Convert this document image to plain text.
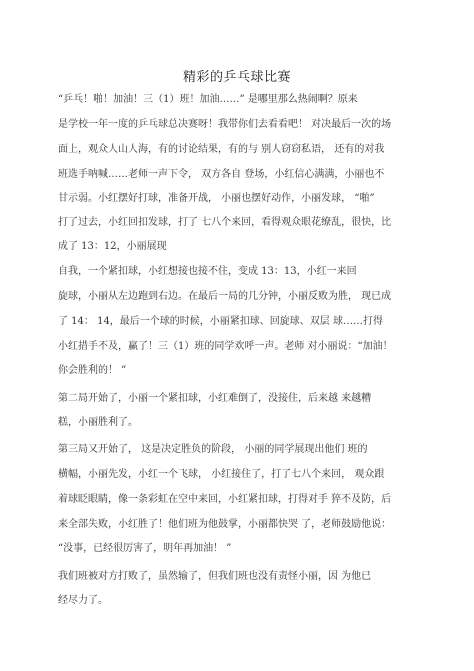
精彩的乒乓球比赛
“乒乓！啪！加油！三（1）班！加油……” 是哪里那么热闹啊？原来
是学校一年一度的乒乓球总决赛呀！我带你们去看看吧！ 对决最后一次的场
面上，观众人山人海，有的讨论结果，有的与 别人窃窃私语， 还有的对我
班选手呐喊……老师一声下令， 双方各自 登场，小红信心满满，小丽也不
甘示弱。小红摆好打球，准备开战， 小丽也摆好动作，小丽发球， “啪”
打了过去，小红回扣发球，打了 七八个来回，看得观众眼花缭乱，很快，比
成了 13：12，小丽展现
自我，一个紧扣球，小红想接也接不住，变成 13：13，小红一来回
旋球，小丽从左边跑到右边。在最后一局的几分钟，小丽反败为胜， 现已成
了 14： 14，最后一个球的时候，小丽紧扣球、回旋球、双层 球……打得
小红措手不及，赢了！三（1）班的同学欢呼一声。老师 对小丽说：“加油！
你会胜利的！ ”
第二局开始了，小丽一个紧扣球，小红难倒了，没接住，后来越 来越糟
糕，小丽胜利了。
第三局又开始了， 这是决定胜负的阶段， 小丽的同学展现出他们 班的
横幅，小丽先发，小红一个飞球， 小红接住了，打了七八个来回， 观众跟
着球眨眼睛，像一条彩虹在空中来回，小红紧扣球，打得对手 猝不及防，后
来全部失败，小红胜了！他们班为他鼓掌，小丽都快哭 了，老师鼓励他说：
“没事，已经很厉害了，明年再加油！ ”
我们班被对方打败了，虽然输了，但我们班也没有责怪小丽，因 为他已
经尽力了。
